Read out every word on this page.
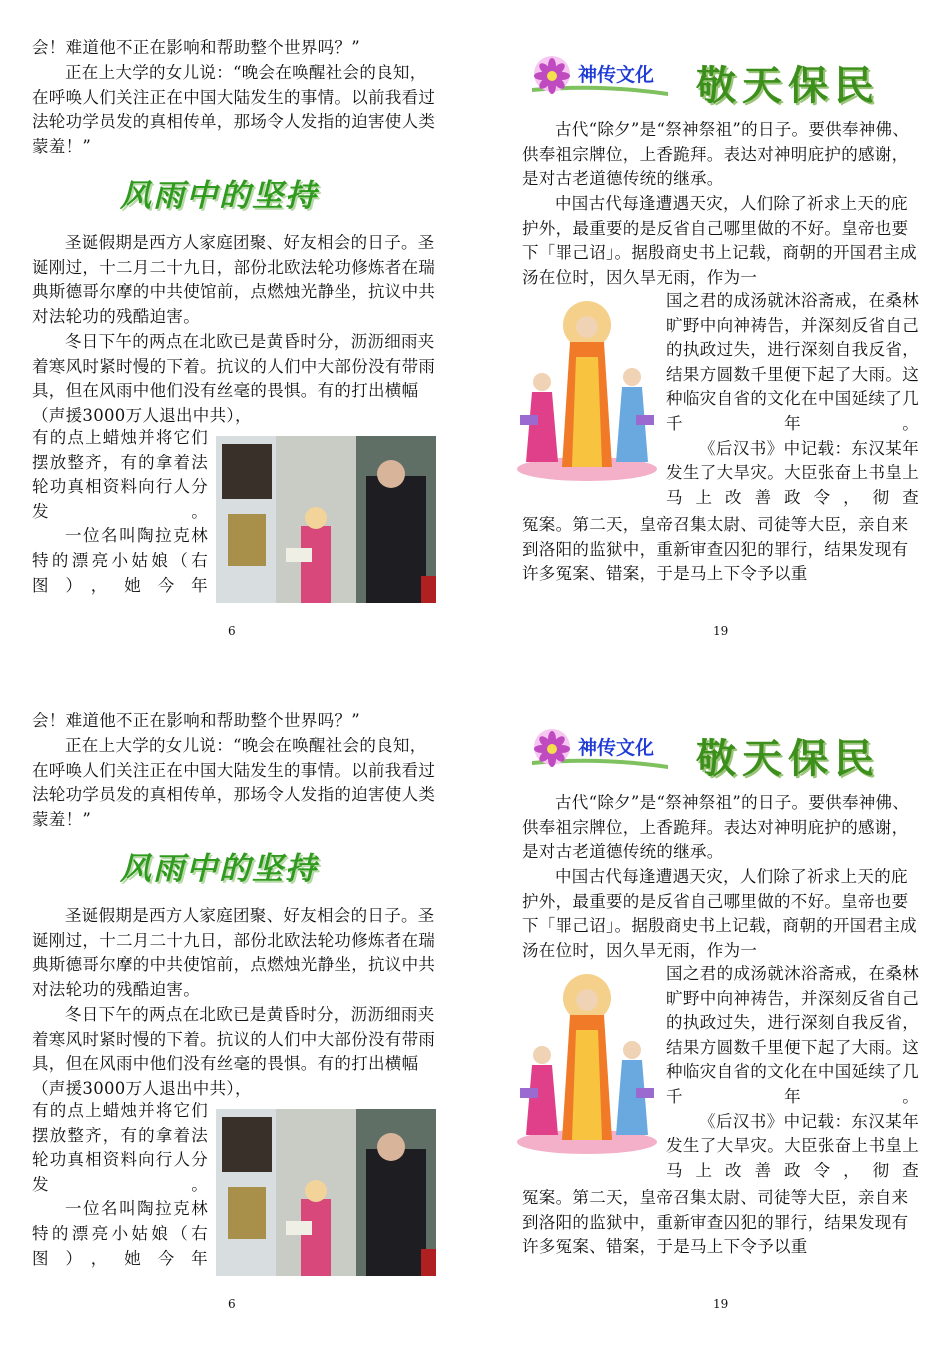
会！难道他不正在影响和帮助整个世界吗？”

正在上大学的女儿说：“晚会在唤醒社会的良知，在呼唤人们关注正在中国大陆发生的事情。以前我看过法轮功学员发的真相传单，那场令人发指的迫害使人类蒙羞！”

风雨中的坚持

圣诞假期是西方人家庭团聚、好友相会的日子。圣诞刚过，十二月二十九日，部份北欧法轮功修炼者在瑞典斯德哥尔摩的中共使馆前，点燃烛光静坐，抗议中共对法轮功的残酷迫害。

冬日下午的两点在北欧已是黄昏时分，沥沥细雨夹着寒风时紧时慢的下着。抗议的人们中大部份没有带雨具，但在风雨中他们没有丝毫的畏惧。有的打出横幅（声援3000万人退出中共），

有的点上蜡烛并将它们摆放整齐，有的拿着法轮功真相资料向行人分发。

一位名叫陶拉克林特的漂亮小姑娘（右图），她今年

6
神传文化 敬天保民

古代“除夕”是“祭神祭祖”的日子。要供奉神佛、供奉祖宗牌位，上香跪拜。表达对神明庇护的感谢，是对古老道德传统的继承。

中国古代每逢遭遇天灾，人们除了祈求上天的庇护外，最重要的是反省自己哪里做的不好。皇帝也要下「罪己诏」。据殷商史书上记载，商朝的开国君主成汤在位时，因久旱无雨，作为一

国之君的成汤就沐浴斋戒，在桑林旷野中向神祷告，并深刻反省自己的执政过失，进行深刻自我反省，结果方圆数千里便下起了大雨。这种临灾自省的文化在中国延续了几千年。

《后汉书》中记载：东汉某年发生了大旱灾。大臣张奋上书皇上马上改善政令，彻查

冤案。第二天，皇帝召集太尉、司徒等大臣，亲自来到洛阳的监狱中，重新审查囚犯的罪行，结果发现有许多冤案、错案，于是马上下令予以重

19

会！难道他不正在影响和帮助整个世界吗？”

正在上大学的女儿说：“晚会在唤醒社会的良知，在呼唤人们关注正在中国大陆发生的事情。以前我看过法轮功学员发的真相传单，那场令人发指的迫害使人类蒙羞！”

风雨中的坚持

圣诞假期是西方人家庭团聚、好友相会的日子。圣诞刚过，十二月二十九日，部份北欧法轮功修炼者在瑞典斯德哥尔摩的中共使馆前，点燃烛光静坐，抗议中共对法轮功的残酷迫害。

冬日下午的两点在北欧已是黄昏时分，沥沥细雨夹着寒风时紧时慢的下着。抗议的人们中大部份没有带雨具，但在风雨中他们没有丝毫的畏惧。有的打出横幅（声援3000万人退出中共），

有的点上蜡烛并将它们摆放整齐，有的拿着法轮功真相资料向行人分发。

一位名叫陶拉克林特的漂亮小姑娘（右图），她今年

6
神传文化 敬天保民

古代“除夕”是“祭神祭祖”的日子。要供奉神佛、供奉祖宗牌位，上香跪拜。表达对神明庇护的感谢，是对古老道德传统的继承。

中国古代每逢遭遇天灾，人们除了祈求上天的庇护外，最重要的是反省自己哪里做的不好。皇帝也要下「罪己诏」。据殷商史书上记载，商朝的开国君主成汤在位时，因久旱无雨，作为一

国之君的成汤就沐浴斋戒，在桑林旷野中向神祷告，并深刻反省自己的执政过失，进行深刻自我反省，结果方圆数千里便下起了大雨。这种临灾自省的文化在中国延续了几千年。

《后汉书》中记载：东汉某年发生了大旱灾。大臣张奋上书皇上马上改善政令，彻查

冤案。第二天，皇帝召集太尉、司徒等大臣，亲自来到洛阳的监狱中，重新审查囚犯的罪行，结果发现有许多冤案、错案，于是马上下令予以重

19
